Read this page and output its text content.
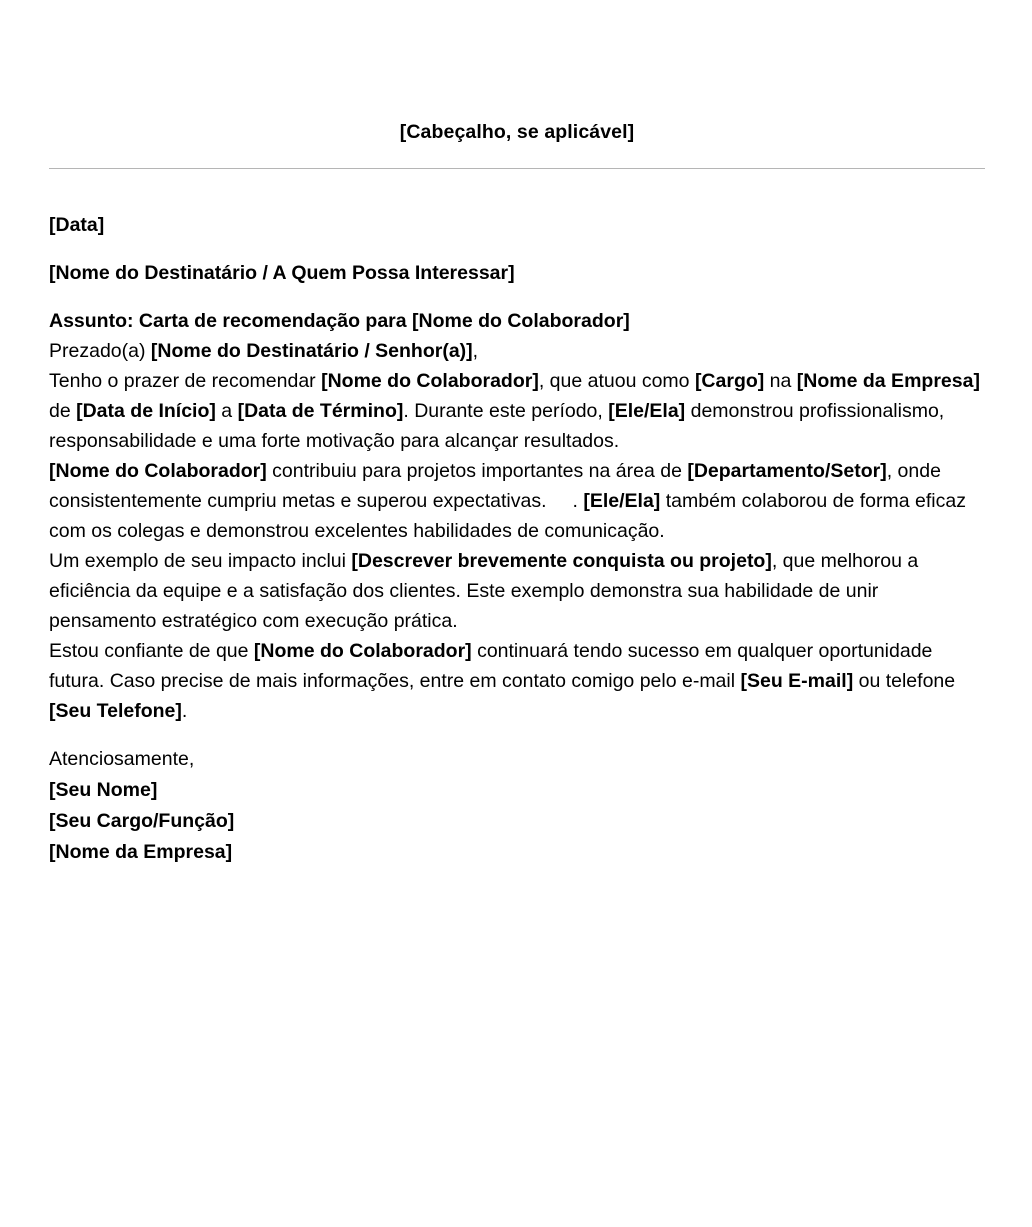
[Cabeçalho, se aplicável]

[Data]

[Nome do Destinatário / A Quem Possa Interessar]

Assunto: Carta de recomendação para [Nome do Colaborador]

Prezado(a) [Nome do Destinatário / Senhor(a)],

Tenho o prazer de recomendar [Nome do Colaborador], que atuou como [Cargo] na [Nome da Empresa] de [Data de Início] a [Data de Término]. Durante este período, [Ele/Ela] demonstrou profissionalismo, responsabilidade e uma forte motivação para alcançar resultados.

[Nome do Colaborador] contribuiu para projetos importantes na área de [Departamento/Setor], onde consistentemente cumpriu metas e superou expectativas. . [Ele/Ela] também colaborou de forma eficaz com os colegas e demonstrou excelentes habilidades de comunicação.

Um exemplo de seu impacto inclui [Descrever brevemente conquista ou projeto], que melhorou a eficiência da equipe e a satisfação dos clientes. Este exemplo demonstra sua habilidade de unir pensamento estratégico com execução prática.

Estou confiante de que [Nome do Colaborador] continuará tendo sucesso em qualquer oportunidade futura. Caso precise de mais informações, entre em contato comigo pelo e-mail [Seu E-mail] ou telefone [Seu Telefone].

Atenciosamente,

[Seu Nome]

[Seu Cargo/Função]

[Nome da Empresa]
